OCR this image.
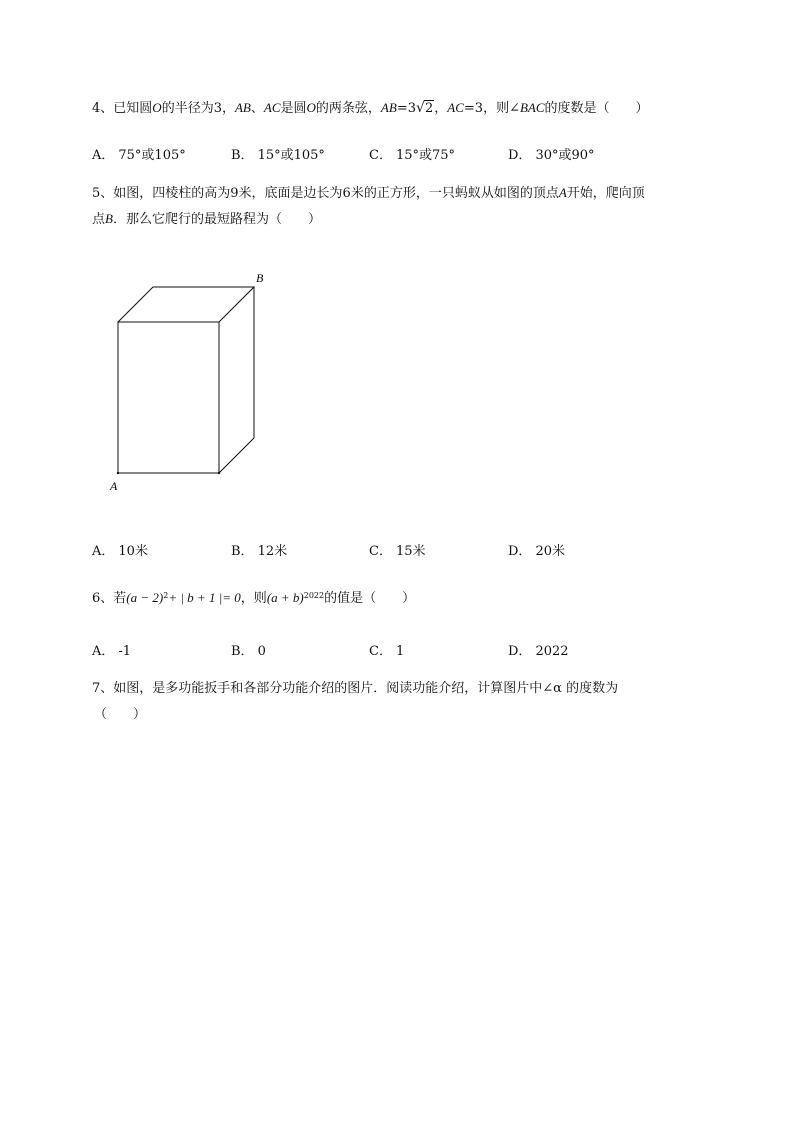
4、已知圆O的半径为3，AB、AC是圆O的两条弦，AB=3 √ 2，AC=3，则∠BAC的度数是（　　）
A． 75°或105°	B． 15°或105°	C． 15°或75°	D． 30°或90°
5、如图，四棱柱的高为9米，底面是边长为6米的正方形，一只蚂蚁从如图的顶点A开始，爬向顶
点B．那么它爬行的最短路程为（　　）
A
B
A． 10米	B． 12米	C． 15米	D． 20米
6、若$(a - 2)^2+$ | b + 1 |= 0，则$(a + b)^{2022}$的值是（　　）
A． -1	B． 0	C． 1	D． 2022
7、如图，是多功能扳手和各部分功能介绍的图片．阅读功能介绍，计算图片中∠α 的度数为
（　　）
